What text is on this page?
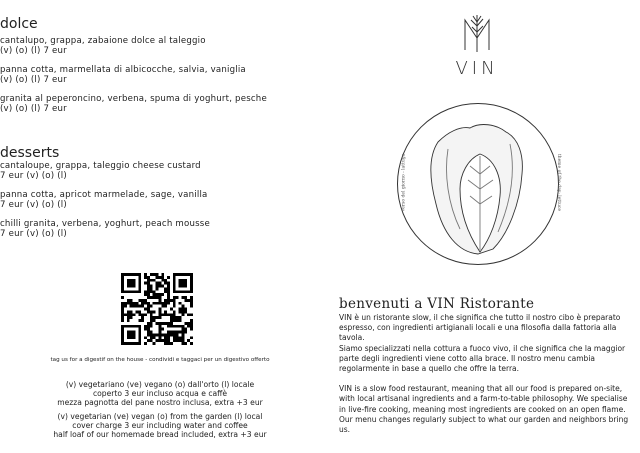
dolce

cantalupo, grappa, zabaione dolce al taleggio
(v) (o) (l) 7 eur
panna cotta, marmellata di albicocche, salvia, vaniglia
(v) (o) (l) 7 eur
granita al peperoncino, verbena, spuma di yoghurt, pesche
(v) (o) (l) 7 eur

desserts

cantaloupe, grappa, taleggio cheese custard
7 eur (v) (o) (l)
panna cotta, apricot marmelade, sage, vanilla
7 eur (v) (o) (l)
chilli granita, verbena, yoghurt, peach mousse
7 eur (v) (o) (l)
tag us for a digestif on the house - condividi e taggaci per un digestivo offerto

(v) vegetariano (ve) vegano (o) dall'orto (l) locale
coperto 3 eur incluso acqua e caffè
mezza pagnotta del pane nostro inclusa, extra +3 eur

(v) vegetarian (ve) vegan (o) from the garden (l) local
cover charge 3 eur including water and coffee
half loaf of our homemade bread included, extra +3 eur

VIN
verso del giorno - lattuga	theme of the day: lettuce
benvenuti a VIN Ristorante

VIN è un ristorante slow, il che significa che tutto il nostro cibo è preparato espresso, con ingredienti artigianali locali e una filosofia dalla fattoria alla tavola.

Siamo specializzati nella cottura a fuoco vivo, il che significa che la maggior parte degli ingredienti viene cotto alla brace. Il nostro menu cambia regolarmente in base a quello che offre la terra.

VIN is a slow food restaurant, meaning that all our food is prepared on-site, with local artisanal ingredients and a farm-to-table philosophy. We specialise in live-fire cooking, meaning most ingredients are cooked on an open flame. Our menu changes regularly subject to what our garden and neighbors bring us.
